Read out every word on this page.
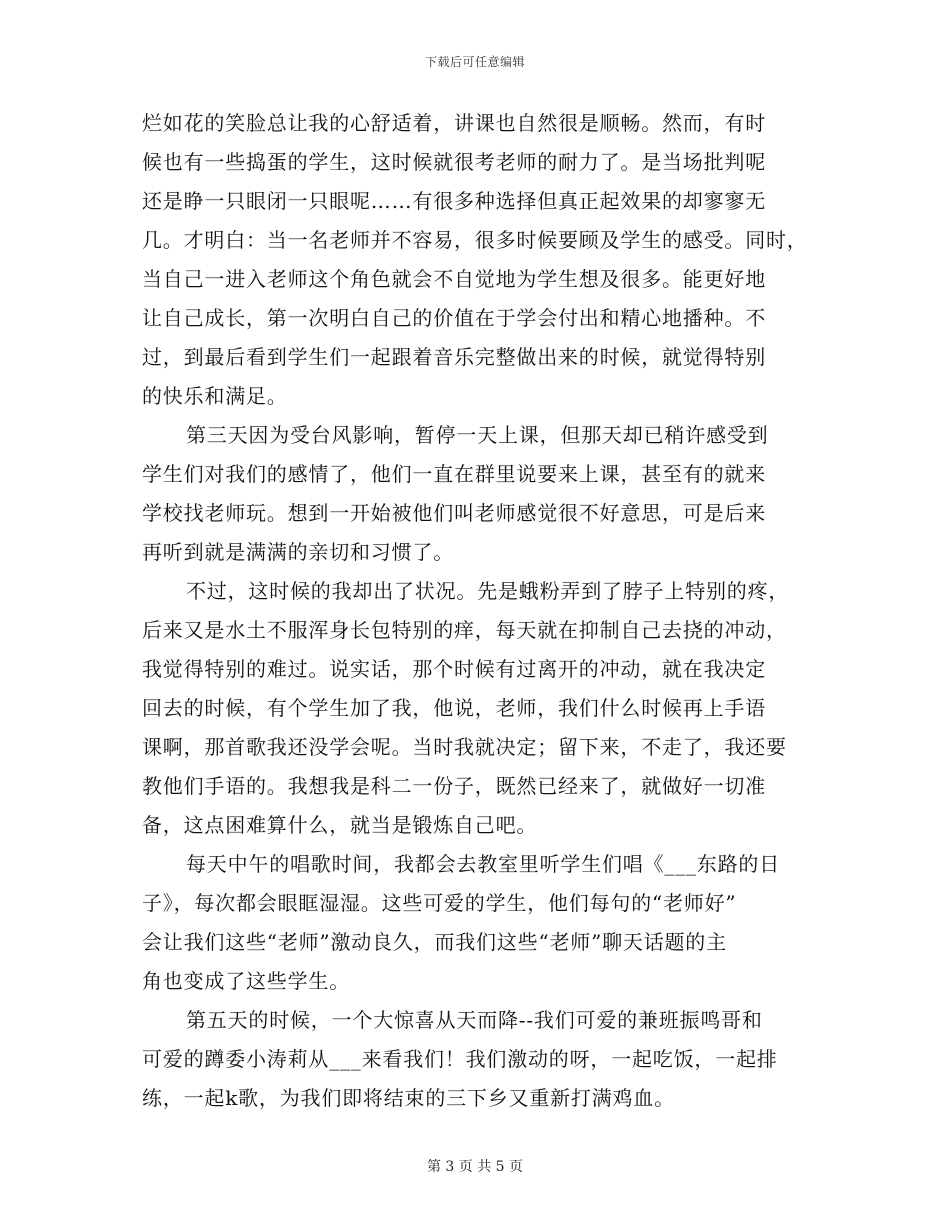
下载后可任意编辑
烂如花的笑脸总让我的心舒适着，讲课也自然很是顺畅。然而，有时
候也有一些捣蛋的学生，这时候就很考老师的耐力了。是当场批判呢
还是睁一只眼闭一只眼呢……有很多种选择但真正起效果的却寥寥无
几。才明白：当一名老师并不容易，很多时候要顾及学生的感受。同时，
当自己一进入老师这个角色就会不自觉地为学生想及很多。能更好地
让自己成长，第一次明白自己的价值在于学会付出和精心地播种。不
过，到最后看到学生们一起跟着音乐完整做出来的时候，就觉得特别
的快乐和满足。
第三天因为受台风影响，暂停一天上课，但那天却已稍许感受到
学生们对我们的感情了，他们一直在群里说要来上课，甚至有的就来
学校找老师玩。想到一开始被他们叫老师感觉很不好意思，可是后来
再听到就是满满的亲切和习惯了。
不过，这时候的我却出了状况。先是蛾粉弄到了脖子上特别的疼，
后来又是水土不服浑身长包特别的痒，每天就在抑制自己去挠的冲动，
我觉得特别的难过。说实话，那个时候有过离开的冲动，就在我决定
回去的时候，有个学生加了我，他说，老师，我们什么时候再上手语
课啊，那首歌我还没学会呢。当时我就决定；留下来，不走了，我还要
教他们手语的。我想我是科二一份子，既然已经来了，就做好一切准
备，这点困难算什么，就当是锻炼自己吧。
每天中午的唱歌时间，我都会去教室里听学生们唱《___东路的日
子》，每次都会眼眶湿湿。这些可爱的学生，他们每句的“老师好”
会让我们这些“老师”激动良久，而我们这些“老师”聊天话题的主
角也变成了这些学生。
第五天的时候，一个大惊喜从天而降--我们可爱的兼班振鸣哥和
可爱的蹲委小涛莉从___来看我们！我们激动的呀，一起吃饭，一起排
练，一起k歌，为我们即将结束的三下乡又重新打满鸡血。
第 3 页 共 5 页
